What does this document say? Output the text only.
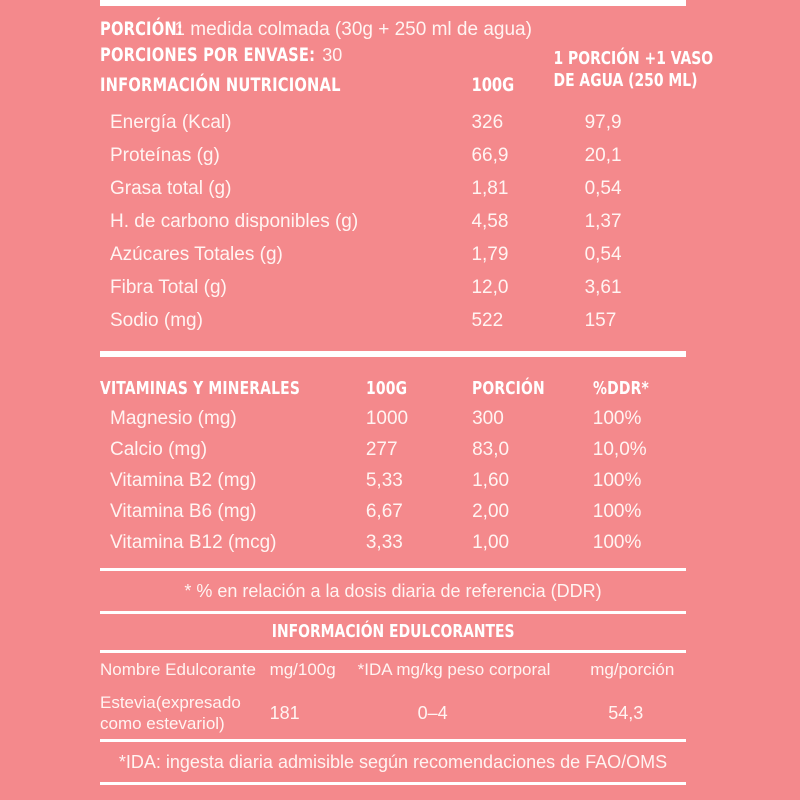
PORCIÓN:
1 medida colmada (30g + 250 ml de agua)
PORCIONES POR ENVASE: 30
INFORMACIÓN NUTRICIONAL	100G
1 PORCIÓN +1 VASO
DE AGUA (250 ML)
Energía (Kcal)	326	97,9
Proteínas (g)	66,9	20,1
Grasa total (g)	1,81	0,54
H. de carbono disponibles (g)	4,58	1,37
Azúcares Totales (g)	1,79	0,54
Fibra Total (g)	12,0	3,61
Sodio (mg)	522	157
VITAMINAS Y MINERALES	100G	PORCIÓN	%DDR*
Magnesio (mg)	1000	300	100%
Calcio (mg)	277	83,0	10,0%
Vitamina B2 (mg)	5,33	1,60	100%
Vitamina B6 (mg)	6,67	2,00	100%
Vitamina B12 (mcg)	3,33	1,00	100%
* % en relación a la dosis diaria de referencia (DDR)
INFORMACIÓN EDULCORANTES
Nombre Edulcorante	mg/100g	*IDA mg/kg peso corporal	mg/porción
Estevia(expresado
como estevariol)	181	0–4	54,3
*IDA: ingesta diaria admisible según recomendaciones de FAO/OMS
